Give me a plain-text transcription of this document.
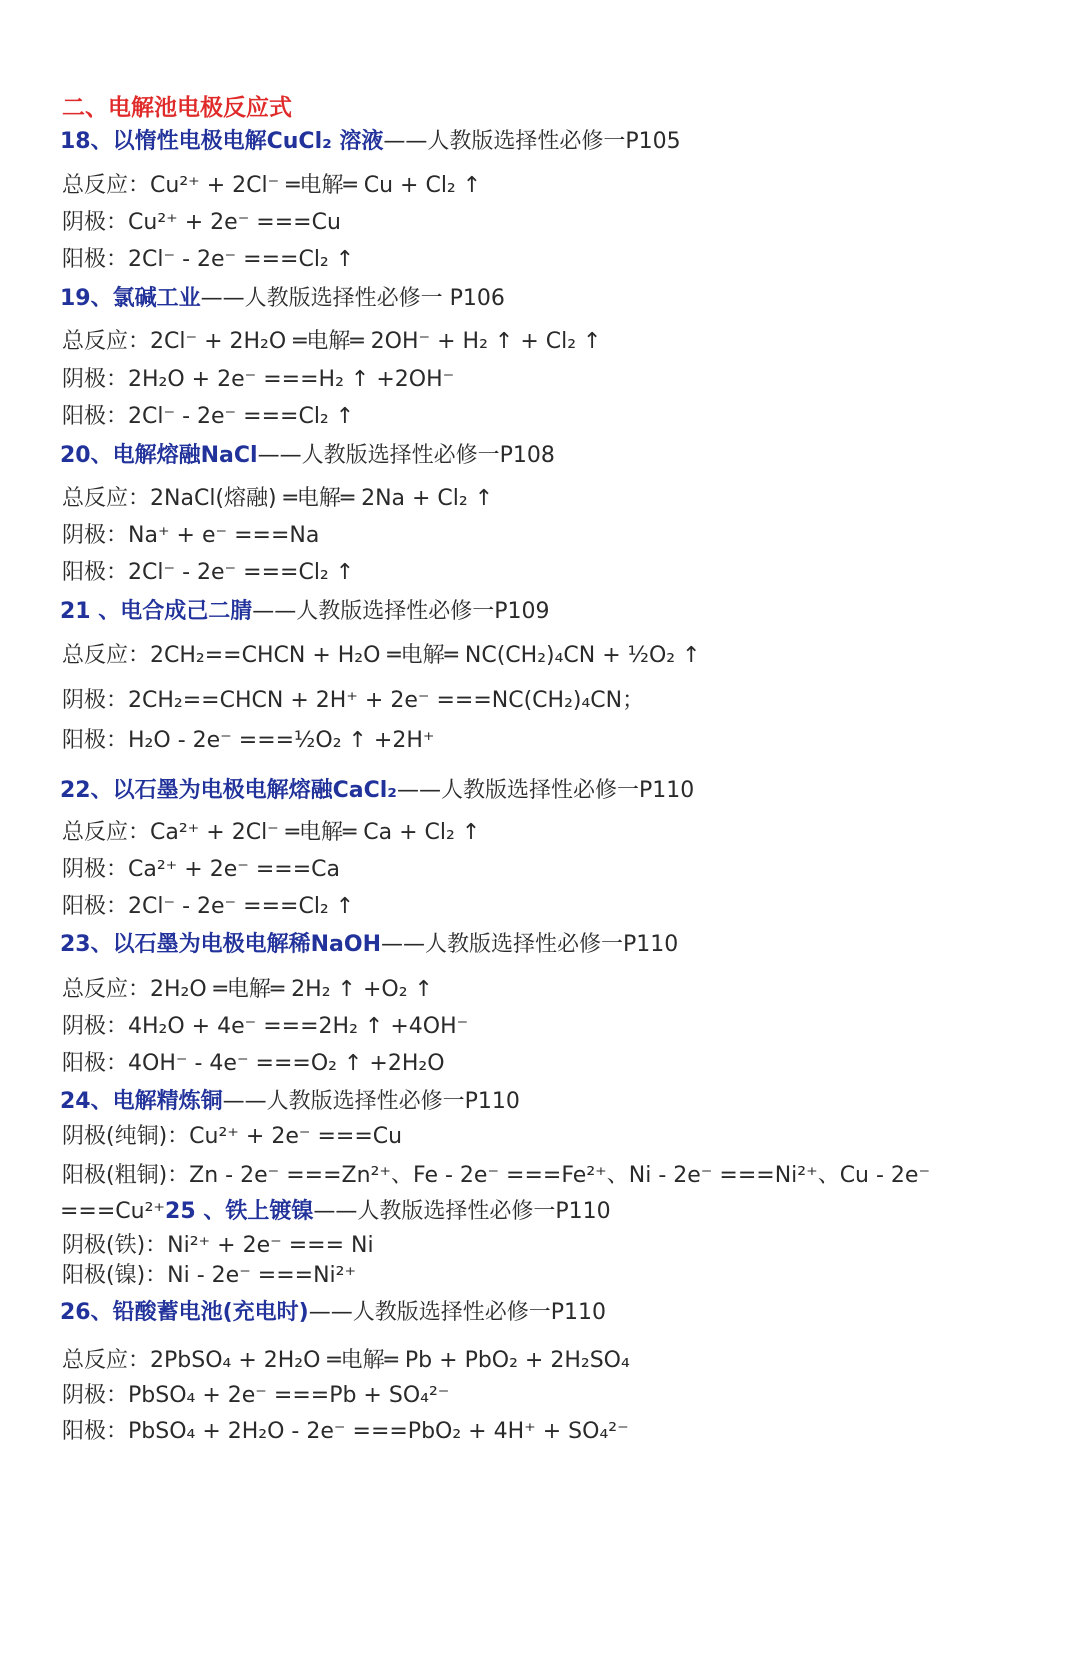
二、电解池电极反应式
18、以惰性电极电解CuCl₂ 溶液——人教版选择性必修一P105
总反应：Cu²⁺ + 2Cl⁻ ═电解═ Cu + Cl₂ ↑
阴极：Cu²⁺ + 2e⁻ ===Cu
阳极：2Cl⁻ - 2e⁻ ===Cl₂ ↑
19、氯碱工业——人教版选择性必修一 P106
总反应：2Cl⁻ + 2H₂O ═电解═ 2OH⁻ + H₂ ↑ + Cl₂ ↑
阴极：2H₂O + 2e⁻ ===H₂ ↑ +2OH⁻
阳极：2Cl⁻ - 2e⁻ ===Cl₂ ↑
20、电解熔融NaCl——人教版选择性必修一P108
总反应：2NaCl(熔融) ═电解═ 2Na + Cl₂ ↑
阴极：Na⁺ + e⁻ ===Na
阳极：2Cl⁻ - 2e⁻ ===Cl₂ ↑
21 、电合成己二腈——人教版选择性必修一P109
总反应：2CH₂==CHCN + H₂O ═电解═ NC(CH₂)₄CN + ½O₂ ↑
阴极：2CH₂==CHCN + 2H⁺ + 2e⁻ ===NC(CH₂)₄CN；
阳极：H₂O - 2e⁻ ===½O₂ ↑ +2H⁺
22、以石墨为电极电解熔融CaCl₂——人教版选择性必修一P110
总反应：Ca²⁺ + 2Cl⁻ ═电解═ Ca + Cl₂ ↑
阴极：Ca²⁺ + 2e⁻ ===Ca
阳极：2Cl⁻ - 2e⁻ ===Cl₂ ↑
23、以石墨为电极电解稀NaOH——人教版选择性必修一P110
总反应：2H₂O ═电解═ 2H₂ ↑ +O₂ ↑
阴极：4H₂O + 4e⁻ ===2H₂ ↑ +4OH⁻
阳极：4OH⁻ - 4e⁻ ===O₂ ↑ +2H₂O
24、电解精炼铜——人教版选择性必修一P110
阴极(纯铜)：Cu²⁺ + 2e⁻ ===Cu
阳极(粗铜)：Zn - 2e⁻ ===Zn²⁺、Fe - 2e⁻ ===Fe²⁺、Ni - 2e⁻ ===Ni²⁺、Cu - 2e⁻
===Cu²⁺25 、铁上镀镍——人教版选择性必修一P110
阴极(铁)：Ni²⁺ + 2e⁻ === Ni
阳极(镍)：Ni - 2e⁻ ===Ni²⁺
26、铅酸蓄电池(充电时)——人教版选择性必修一P110
总反应：2PbSO₄ + 2H₂O ═电解═ Pb + PbO₂ + 2H₂SO₄
阴极：PbSO₄ + 2e⁻ ===Pb + SO₄²⁻
阳极：PbSO₄ + 2H₂O - 2e⁻ ===PbO₂ + 4H⁺ + SO₄²⁻
